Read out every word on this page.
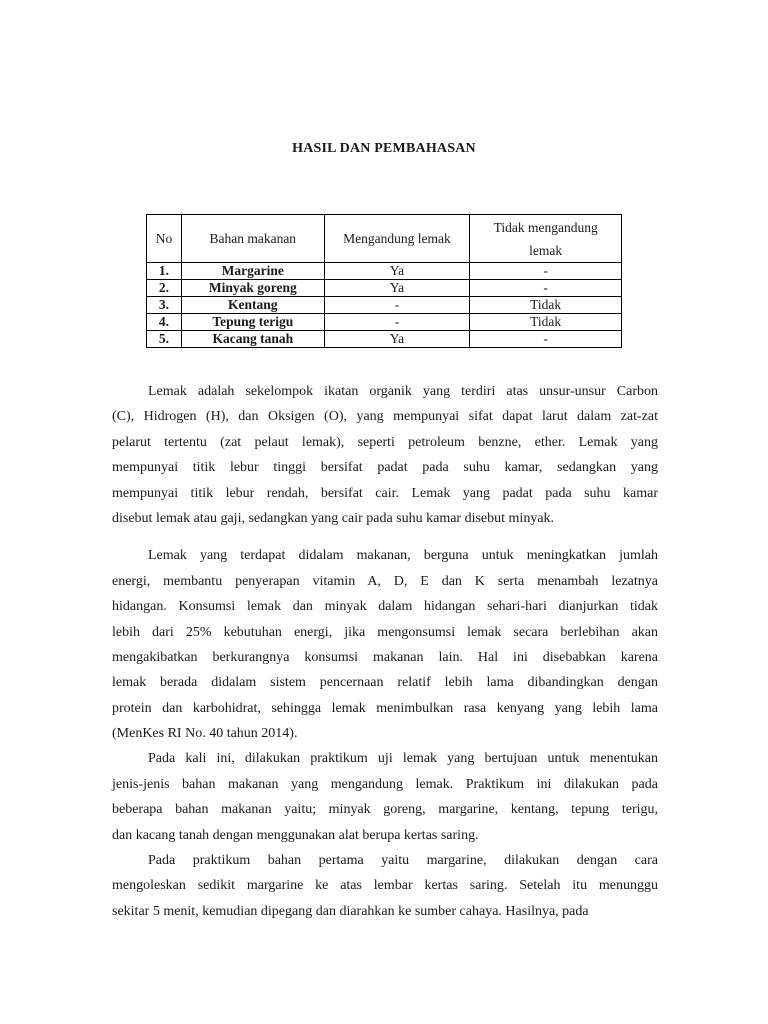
HASIL DAN PEMBAHASAN
No	Bahan makanan	Mengandung lemak	Tidak mengandung
lemak
1.	Margarine	Ya	-
2.	Minyak goreng	Ya	-
3.	Kentang	-	Tidak
4.	Tepung terigu	-	Tidak
5.	Kacang tanah	Ya	-

Lemak adalah sekelompok ikatan organik yang terdiri atas unsur-unsur Carbon
(C), Hidrogen (H), dan Oksigen (O), yang mempunyai sifat dapat larut dalam zat-zat
pelarut tertentu (zat pelaut lemak), seperti petroleum benzne, ether. Lemak yang
mempunyai titik lebur tinggi bersifat padat pada suhu kamar, sedangkan yang
mempunyai titik lebur rendah, bersifat cair. Lemak yang padat pada suhu kamar
disebut lemak atau gaji, sedangkan yang cair pada suhu kamar disebut minyak.

Lemak yang terdapat didalam makanan, berguna untuk meningkatkan jumlah
energi, membantu penyerapan vitamin A, D, E dan K serta menambah lezatnya
hidangan. Konsumsi lemak dan minyak dalam hidangan sehari-hari dianjurkan tidak
lebih dari 25% kebutuhan energi, jika mengonsumsi lemak secara berlebihan akan
mengakibatkan berkurangnya konsumsi makanan lain. Hal ini disebabkan karena
lemak berada didalam sistem pencernaan relatif lebih lama dibandingkan dengan
protein dan karbohidrat, sehingga lemak menimbulkan rasa kenyang yang lebih lama
(MenKes RI No. 40 tahun 2014).

Pada kali ini, dilakukan praktikum uji lemak yang bertujuan untuk menentukan
jenis-jenis bahan makanan yang mengandung lemak. Praktikum ini dilakukan pada
beberapa bahan makanan yaitu; minyak goreng, margarine, kentang, tepung terigu,
dan kacang tanah dengan menggunakan alat berupa kertas saring.

Pada praktikum bahan pertama yaitu margarine, dilakukan dengan cara
mengoleskan sedikit margarine ke atas lembar kertas saring. Setelah itu menunggu
sekitar 5 menit, kemudian dipegang dan diarahkan ke sumber cahaya. Hasilnya, pada
